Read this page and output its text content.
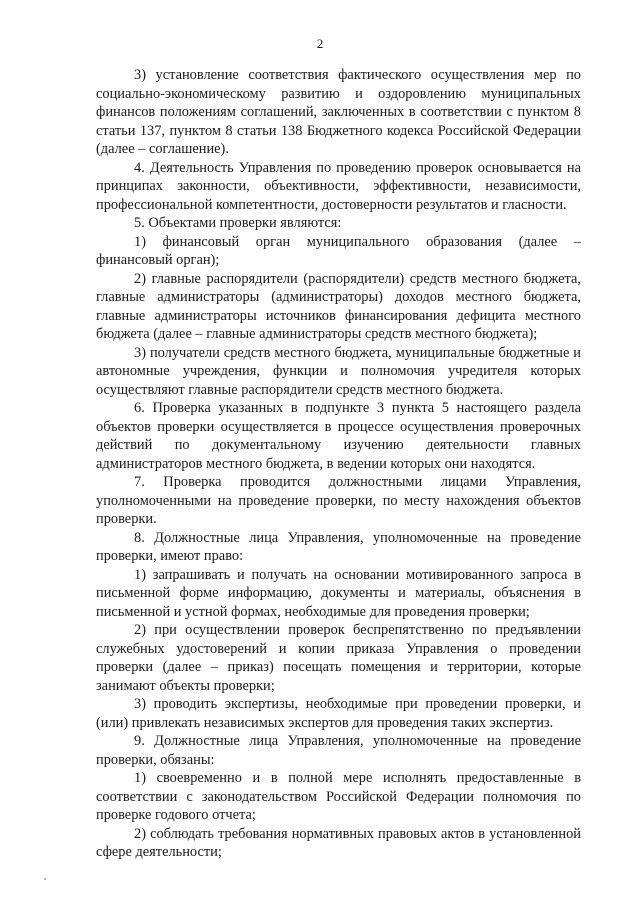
2

3) установление соответствия фактического осуществления мер по социально-экономическому развитию и оздоровлению муниципальных финансов положениям соглашений, заключенных в соответствии с пунктом 8 статьи 137, пунктом 8 статьи 138 Бюджетного кодекса Российской Федерации (далее – соглашение).

4. Деятельность Управления по проведению проверок основывается на принципах законности, объективности, эффективности, независимости, профессиональной компетентности, достоверности результатов и гласности.

5. Объектами проверки являются:

1) финансовый орган муниципального образования (далее – финансовый орган);

2) главные распорядители (распорядители) средств местного бюджета, главные администраторы (администраторы) доходов местного бюджета, главные администраторы источников финансирования дефицита местного бюджета (далее – главные администраторы средств местного бюджета);

3) получатели средств местного бюджета, муниципальные бюджетные и автономные учреждения, функции и полномочия учредителя которых осуществляют главные распорядители средств местного бюджета.

6. Проверка указанных в подпункте 3 пункта 5 настоящего раздела объектов проверки осуществляется в процессе осуществления проверочных действий по документальному изучению деятельности главных администраторов местного бюджета, в ведении которых они находятся.

7. Проверка проводится должностными лицами Управления, уполномоченными на проведение проверки, по месту нахождения объектов проверки.

8. Должностные лица Управления, уполномоченные на проведение проверки, имеют право:

1) запрашивать и получать на основании мотивированного запроса в письменной форме информацию, документы и материалы, объяснения в письменной и устной формах, необходимые для проведения проверки;

2) при осуществлении проверок беспрепятственно по предъявлении служебных удостоверений и копии приказа Управления о проведении проверки (далее – приказ) посещать помещения и территории, которые занимают объекты проверки;

3) проводить экспертизы, необходимые при проведении проверки, и (или) привлекать независимых экспертов для проведения таких экспертиз.

9. Должностные лица Управления, уполномоченные на проведение проверки, обязаны:

1) своевременно и в полной мере исполнять предоставленные в соответствии с законодательством Российской Федерации полномочия по проверке годового отчета;

2) соблюдать требования нормативных правовых актов в установленной сфере деятельности;
